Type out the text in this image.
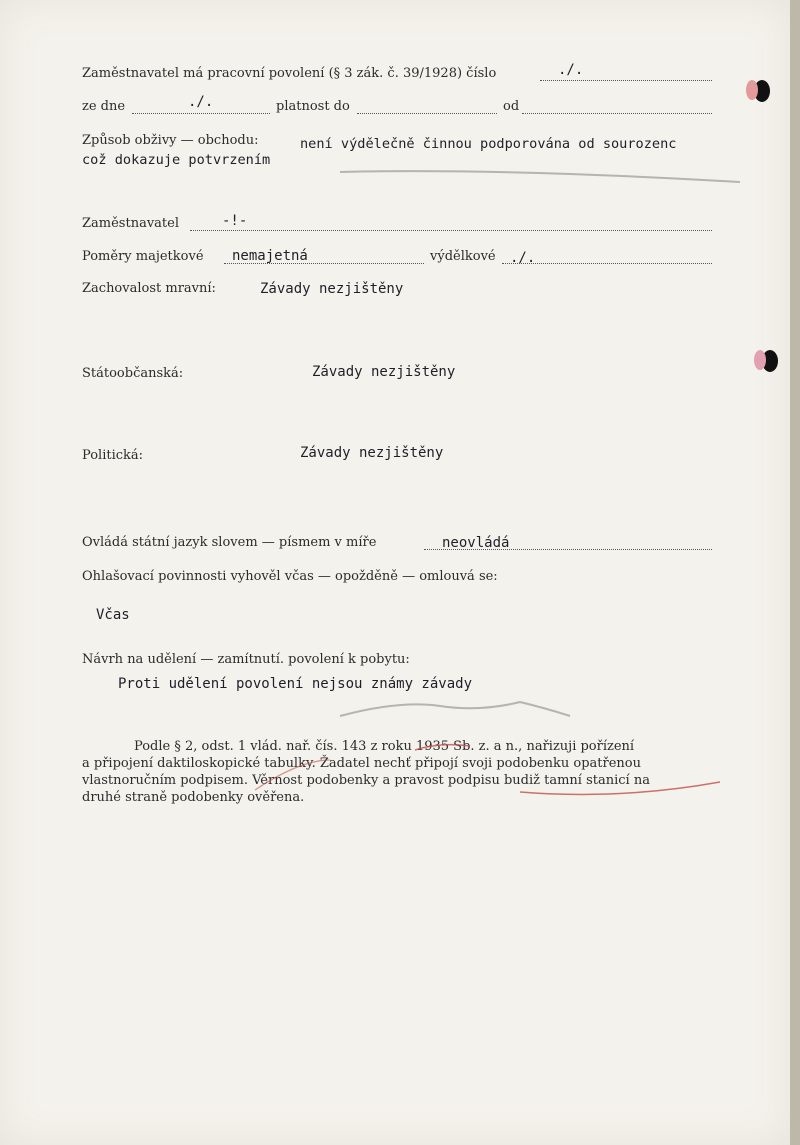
Zaměstnavatel má pracovní povolení (§ 3 zák. č. 39/1928) číslo	./.
ze dne	./.	platnost do	od
Způsob obživy — obchodu:	není výdělečně činnou podporována od sourozenc
což dokazuje potvrzením
Zaměstnavatel	-!-
Poměry majetkové nemajetná	výdělkové ./.
Zachovalost mravní:	Závady nezjištěny
Státoobčanská:	Závady nezjištěny
Politická:	Závady nezjištěny
Ovládá státní jazyk slovem — písmem v míře	neovládá
Ohlašovací povinnosti vyhověl včas — opožděně — omlouvá se:
Včas
Návrh na udělení — zamítnutí. povolení k pobytu:
Proti udělení povolení nejsou známy závady
Podle § 2, odst. 1 vlád. nař. čís. 143 z roku 1935 Sb. z. a n., nařizuji pořízení
a připojení daktiloskopické tabulky. Žadatel nechť připojí svoji podobenku opatřenou
vlastnoručním podpisem. Věrnost podobenky a pravost podpisu budiž tamní stanicí na
druhé straně podobenky ověřena.
